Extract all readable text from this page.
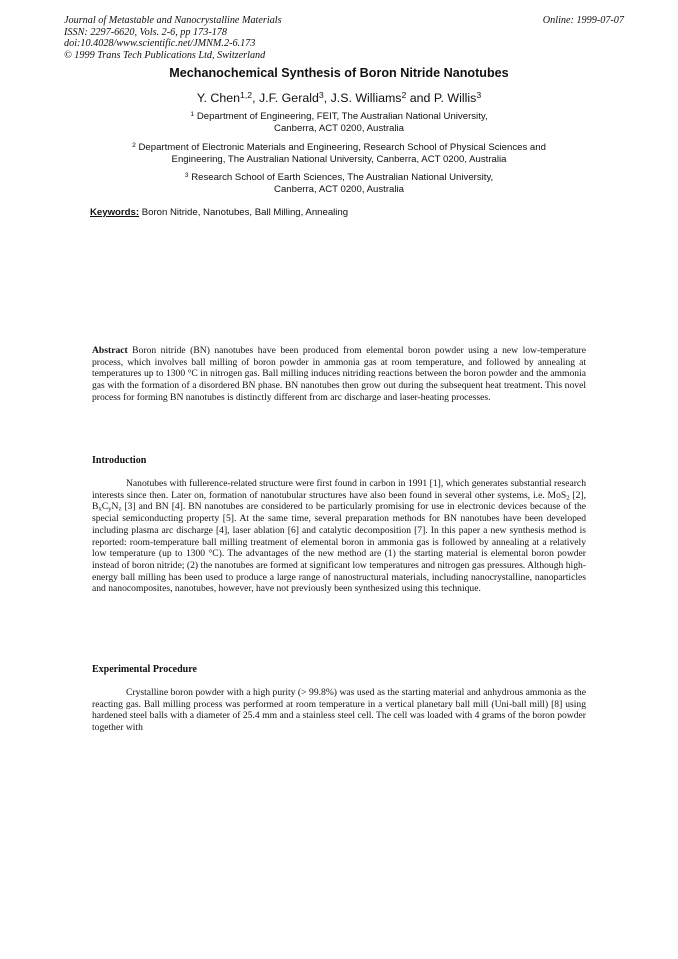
Journal of Metastable and Nanocrystalline Materials
ISSN: 2297-6620, Vols. 2-6, pp 173-178
doi:10.4028/www.scientific.net/JMNM.2-6.173
© 1999 Trans Tech Publications Ltd, Switzerland
Online: 1999-07-07
Mechanochemical Synthesis of Boron Nitride Nanotubes
Y. Chen$^{1,2}$, J.F. Gerald$^3$, J.S. Williams$^2$ and P. Willis$^3$
$^1$ Department of Engineering, FEIT, The Australian National University,
Canberra, ACT 0200, Australia
$^2$ Department of Electronic Materials and Engineering, Research School of Physical Sciences and
Engineering, The Australian National University, Canberra, ACT 0200, Australia
$^3$ Research School of Earth Sciences, The Australian National University,
Canberra, ACT 0200, Australia
Keywords: Boron Nitride, Nanotubes, Ball Milling, Annealing
Abstract Boron nitride (BN) nanotubes have been produced from elemental boron powder using a new low-temperature process, which involves ball milling of boron powder in ammonia gas at room temperature, and followed by annealing at temperatures up to 1300 °C in nitrogen gas. Ball milling induces nitriding reactions between the boron powder and the ammonia gas with the formation of a disordered BN phase. BN nanotubes then grow out during the subsequent heat treatment. This novel process for forming BN nanotubes is distinctly different from arc discharge and laser-heating processes.
Introduction
Nanotubes with fullerence-related structure were first found in carbon in 1991 [1], which generates substantial research interests since then. Later on, formation of nanotubular structures have also been found in several other systems, i.e. MoS$_2$ [2], $B_xC_yN_z$ [3] and BN [4]. BN nanotubes are considered to be particularly promising for use in electronic devices because of the special semiconducting property [5]. At the same time, several preparation methods for BN nanotubes have been developed including plasma arc discharge [4], laser ablation [6] and catalytic decomposition [7]. In this paper a new synthesis method is reported: room-temperature ball milling treatment of elemental boron in ammonia gas is followed by annealing at a relatively low temperature (up to 1300 °C). The advantages of the new method are (1) the starting material is elemental boron powder instead of boron nitride; (2) the nanotubes are formed at significant low temperatures and nitrogen gas pressures. Although high-energy ball milling has been used to produce a large range of nanostructural materials, including nanocrystalline, nanoparticles and nanocomposites, nanotubes, however, have not previously been synthesized using this technique.
Experimental Procedure
Crystalline boron powder with a high purity (> 99.8%) was used as the starting material and anhydrous ammonia as the reacting gas. Ball milling process was performed at room temperature in a vertical planetary ball mill (Uni-ball mill) [8] using hardened steel balls with a diameter of 25.4 mm and a stainless steel cell. The cell was loaded with 4 grams of the boron powder together with
